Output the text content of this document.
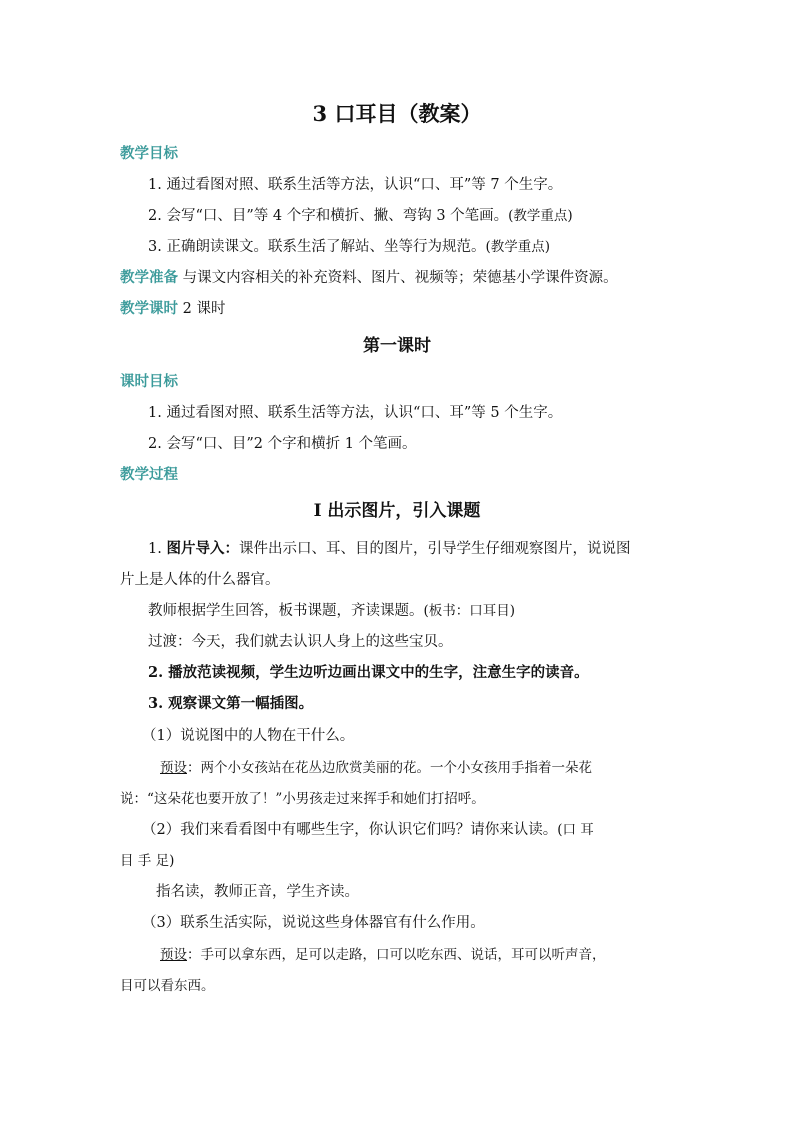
3 口耳目（教案）
教学目标
1. 通过看图对照、联系生活等方法，认识“口、耳”等 7 个生字。
2. 会写“口、目”等 4 个字和横折、撇、弯钩 3 个笔画。(教学重点)
3. 正确朗读课文。联系生活了解站、坐等行为规范。(教学重点)
教学准备 与课文内容相关的补充资料、图片、视频等；荣德基小学课件资源。
教学课时 2 课时
第一课时
课时目标
1. 通过看图对照、联系生活等方法，认识“口、耳”等 5 个生字。
2. 会写“口、目”2 个字和横折 1 个笔画。
教学过程
Ⅰ 出示图片，引入课题
1. 图片导入：课件出示口、耳、目的图片，引导学生仔细观察图片，说说图
片上是人体的什么器官。
教师根据学生回答，板书课题，齐读课题。(板书：口耳目)
过渡：今天，我们就去认识人身上的这些宝贝。
2. 播放范读视频，学生边听边画出课文中的生字，注意生字的读音。
3. 观察课文第一幅插图。
（1）说说图中的人物在干什么。
预设：两个小女孩站在花丛边欣赏美丽的花。一个小女孩用手指着一朵花
说：“这朵花也要开放了！”小男孩走过来挥手和她们打招呼。
（2）我们来看看图中有哪些生字，你认识它们吗？请你来认读。(口 耳
目 手 足)
指名读，教师正音，学生齐读。
（3）联系生活实际，说说这些身体器官有什么作用。
预设：手可以拿东西，足可以走路，口可以吃东西、说话，耳可以听声音，
目可以看东西。
